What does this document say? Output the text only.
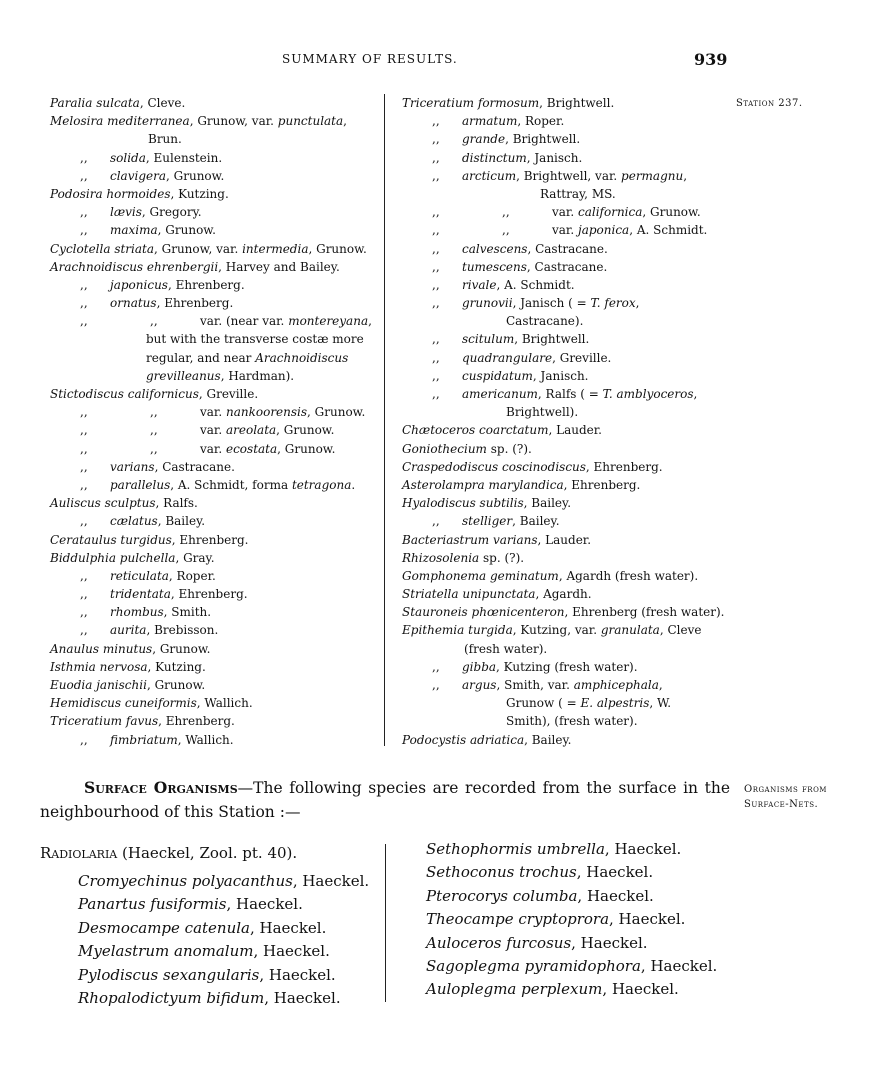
SUMMARY OF RESULTS.	939
Station 237.
Organisms from
Surface-Nets.
Paralia sulcata, Cleve.
Melosira mediterranea, Grunow, var. punctulata,
Brun.
,, solida, Eulenstein.
,, clavigera, Grunow.
Podosira hormoides, Kutzing.
,, lævis, Gregory.
,, maxima, Grunow.
Cyclotella striata, Grunow, var. intermedia, Grunow.
Arachnoidiscus ehrenbergii, Harvey and Bailey.
,, japonicus, Ehrenberg.
,, ornatus, Ehrenberg.
,,	,,	var. (near var. montereyana,
but with the transverse costæ more
regular, and near Arachnoidiscus
grevilleanus, Hardman).
Stictodiscus californicus, Greville.
,,	,,	var. nankoorensis, Grunow.
,,	,,	var. areolata, Grunow.
,,	,,	var. ecostata, Grunow.
,, varians, Castracane.
,, parallelus, A. Schmidt, forma tetragona.
Auliscus sculptus, Ralfs.
,, cælatus, Bailey.
Cerataulus turgidus, Ehrenberg.
Biddulphia pulchella, Gray.
,, reticulata, Roper.
,, tridentata, Ehrenberg.
,, rhombus, Smith.
,, aurita, Brebisson.
Anaulus minutus, Grunow.
Isthmia nervosa, Kutzing.
Euodia janischii, Grunow.
Hemidiscus cuneiformis, Wallich.
Triceratium favus, Ehrenberg.
,, fimbriatum, Wallich.
Triceratium formosum, Brightwell.
,, armatum, Roper.
,, grande, Brightwell.
,, distinctum, Janisch.
,, arcticum, Brightwell, var. permagnu,
Rattray, MS.
,,	,,	var. californica, Grunow.
,,	,,	var. japonica, A. Schmidt.
,, calvescens, Castracane.
,, tumescens, Castracane.
,, rivale, A. Schmidt.
,, grunovii, Janisch ( = T. ferox,
Castracane).
,, scitulum, Brightwell.
,, quadrangulare, Greville.
,, cuspidatum, Janisch.
,, americanum, Ralfs ( = T. amblyoceros,
Brightwell).
Chætoceros coarctatum, Lauder.
Goniothecium sp. (?).
Craspedodiscus coscinodiscus, Ehrenberg.
Asterolampra marylandica, Ehrenberg.
Hyalodiscus subtilis, Bailey.
,, stelliger, Bailey.
Bacteriastrum varians, Lauder.
Rhizosolenia sp. (?).
Gomphonema geminatum, Agardh (fresh water).
Striatella unipunctata, Agardh.
Stauroneis phœnicenteron, Ehrenberg (fresh water).
Epithemia turgida, Kutzing, var. granulata, Cleve
(fresh water).
,, gibba, Kutzing (fresh water).
,, argus, Smith, var. amphicephala,
Grunow ( = E. alpestris, W.
Smith), (fresh water).
Podocystis adriatica, Bailey.
Surface Organisms—The following species are recorded from the surface in the
neighbourhood of this Station :—
Radiolaria (Haeckel, Zool. pt. 40).
Cromyechinus polyacanthus, Haeckel.
Panartus fusiformis, Haeckel.
Desmocampe catenula, Haeckel.
Myelastrum anomalum, Haeckel.
Pylodiscus sexangularis, Haeckel.
Rhopalodictyum bifidum, Haeckel.
Sethophormis umbrella, Haeckel.
Sethoconus trochus, Haeckel.
Pterocorys columba, Haeckel.
Theocampe cryptoprora, Haeckel.
Auloceros furcosus, Haeckel.
Sagoplegma pyramidophora, Haeckel.
Auloplegma perplexum, Haeckel.
